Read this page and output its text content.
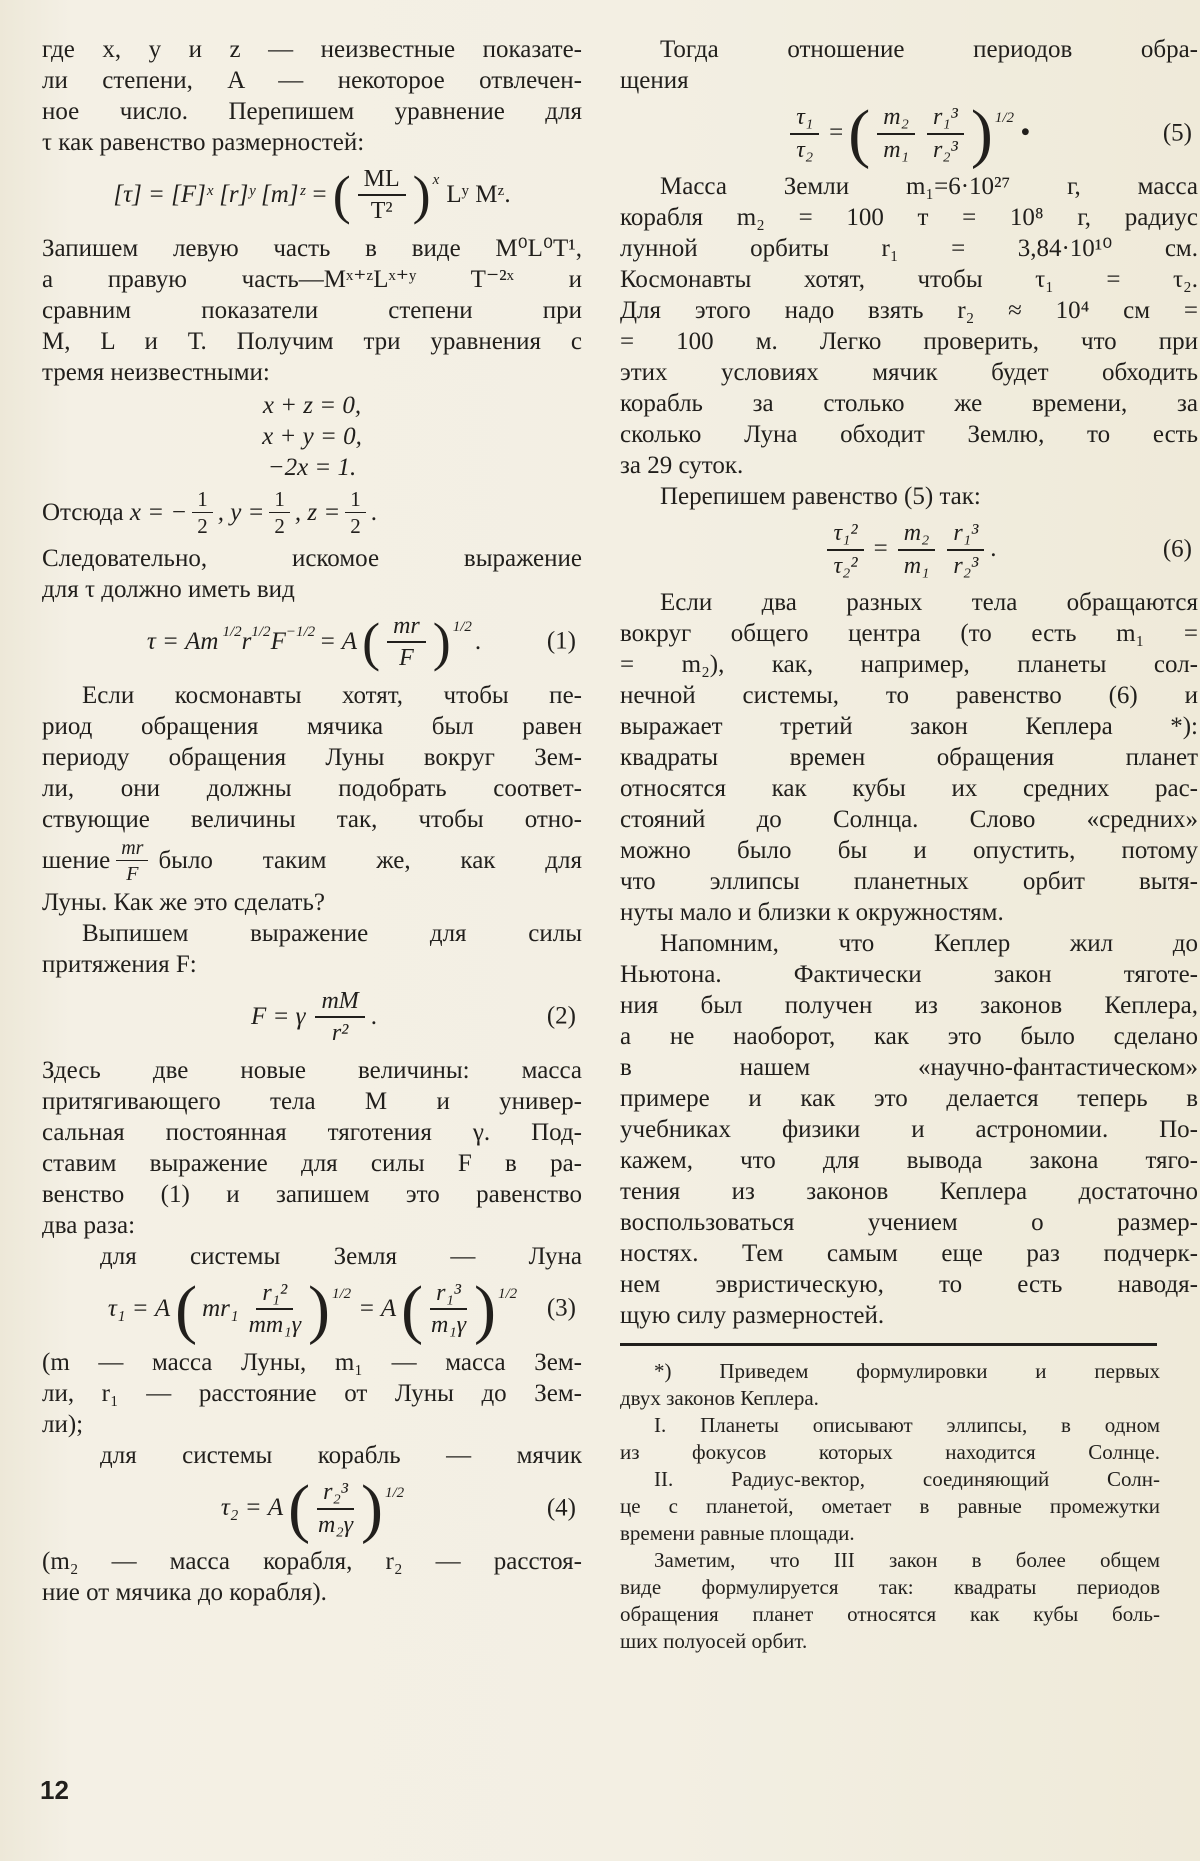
где x, y и z — неизвестные показате-
ли степени, A — некоторое отвлечен-
ное число. Перепишем уравнение для
τ как равенство размерностей:
[τ] = [F]ˣ [r]ʸ [m]ᶻ = ( $\frac{ML}{\text{T²}}$ ) x
Lʸ Mᶻ.
Запишем левую часть в виде M⁰L⁰T¹,
а правую часть—Mˣ⁺ᶻLˣ⁺ʸ T⁻²ˣ и
сравним показатели степени при
М, L и Т. Получим три уравнения с
тремя неизвестными:
x + z = 0,
x + y = 0,
−2x = 1.
Отсюда
x = − $\frac{1}{2}$ , $y = \frac{1}{2}$ , $z = \frac{1}{2}$ .
Следовательно, искомое выражение
для τ должно иметь вид
τ = Am 1/2 r 1/2 F −1/2 = A ( $\frac{mr}{F}$ ) 1/2
.	(1)
Если космонавты хотят, чтобы пе-
риод обращения мячика был равен
периоду обращения Луны вокруг Зем-
ли, они должны подобрать соответ-
ствующие величины так, чтобы отно-
шение $\frac{mr}{F}$ было таким же, как для
Луны. Как же это сделать?
Выпишем выражение для силы
притяжения F:
F = γ $\frac{mM}{\text{r²}}$ .	(2)
Здесь две новые величины: масса
притягивающего тела M и универ-
сальная постоянная тяготения γ. Под-
ставим выражение для силы F в ра-
венство (1) и запишем это равенство
два раза:
для системы Земля — Луна
τ₁ = A ( $mr_1 \frac{\text{r₁²}}{\text{mm₁γ}}$ ) 1/2
= A ( $\frac{\text{r₁³}}{\text{m₁γ}}$ ) 1/2
(3)
(m — масса Луны, m₁ — масса Зем-
ли, r₁ — расстояние от Луны до Зем-
ли);
для системы корабль — мячик
τ₂ = A ( $\frac{\text{r₂³}}{\text{m₂γ}}$ ) 1/2
(4)
(m₂ — масса корабля, r₂ — расстоя-
ние от мячика до корабля).
Тогда отношение периодов обра-
щения
$\frac{\text{τ₁}}{\text{τ₂}}$ = ( $\frac{\text{m₂}}{\text{m₁}} \frac{\text{r₁³}}{\text{r₂³}}$ ) 1/2
•	(5)
Масса Земли m₁=6·10²⁷ г, масса
корабля m₂ = 100 т = 10⁸ г, радиус
лунной орбиты r₁ = 3,84·10¹⁰ см.
Космонавты хотят, чтобы τ₁ = τ₂.
Для этого надо взять r₂ ≈ 10⁴ см =
= 100 м. Легко проверить, что при
этих условиях мячик будет обходить
корабль за столько же времени, за
сколько Луна обходит Землю, то есть
за 29 суток.
Перепишем равенство (5) так:
$\frac{\text{τ₁²}}{\text{τ₂²}} = \frac{\text{m₂}}{\text{m₁}} \frac{\text{r₁³}}{\text{r₂³}}$ .	(6)
Если два разных тела обращаются
вокруг общего центра (то есть m₁ =
= m₂), как, например, планеты сол-
нечной системы, то равенство (6) и
выражает третий закон Кеплера *):
квадраты времен обращения планет
относятся как кубы их средних рас-
стояний до Солнца. Слово «средних»
можно было бы и опустить, потому
что эллипсы планетных орбит вытя-
нуты мало и близки к окружностям.
Напомним, что Кеплер жил до
Ньютона. Фактически закон тяготе-
ния был получен из законов Кеплера,
а не наоборот, как это было сделано
в нашем «научно-фантастическом»
примере и как это делается теперь в
учебниках физики и астрономии. По-
кажем, что для вывода закона тяго-
тения из законов Кеплера достаточно
воспользоваться учением о размер-
ностях. Тем самым еще раз подчерк-
нем эвристическую, то есть наводя-
щую силу размерностей.
*) Приведем формулировки и первых
двух законов Кеплера.
I. Планеты описывают эллипсы, в одном
из фокусов которых находится Солнце.
II. Радиус-вектор, соединяющий Солн-
це с планетой, ометает в равные промежутки
времени равные площади.
Заметим, что III закон в более общем
виде формулируется так: квадраты периодов
обращения планет относятся как кубы боль-
ших полуосей орбит.
12
